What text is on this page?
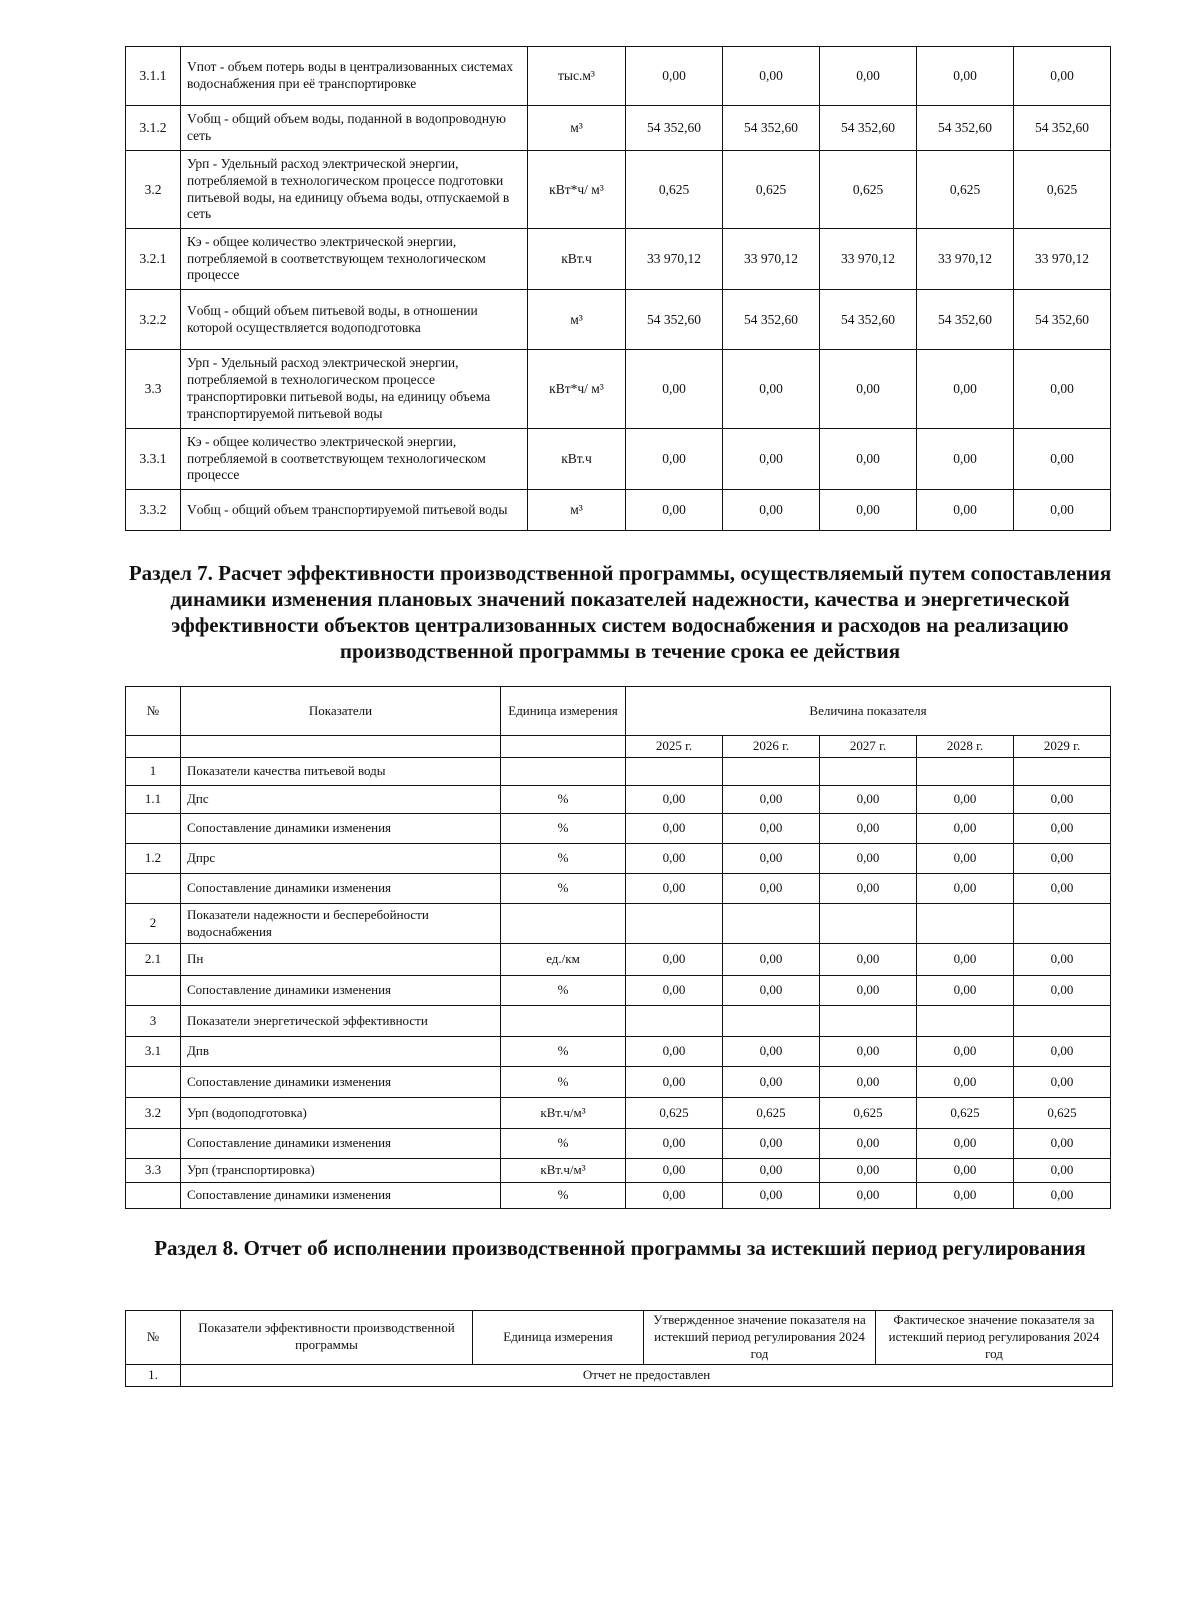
3.1.1	Vпот - объем потерь воды в централизованных системах водоснабжения при её транспортировке	тыс.м³	0,00	0,00	0,00	0,00	0,00
3.1.2	Vобщ - общий объем воды, поданной в водопроводную сеть	м³	54 352,60	54 352,60	54 352,60	54 352,60	54 352,60
3.2	Урп - Удельный расход электрической энергии, потребляемой в технологическом процессе подготовки питьевой воды, на единицу объема воды, отпускаемой в сеть	кВт*ч/ м³	0,625	0,625	0,625	0,625	0,625
3.2.1	Кэ - общее количество электрической энергии, потребляемой в соответствующем технологическом процессе	кВт.ч	33 970,12	33 970,12	33 970,12	33 970,12	33 970,12
3.2.2	Vобщ - общий объем питьевой воды, в отношении которой осуществляется водоподготовка	м³	54 352,60	54 352,60	54 352,60	54 352,60	54 352,60
3.3	Урп - Удельный расход электрической энергии, потребляемой в технологическом процессе транспортировки питьевой воды, на единицу объема транспортируемой питьевой воды	кВт*ч/ м³	0,00	0,00	0,00	0,00	0,00
3.3.1	Кэ - общее количество электрической энергии, потребляемой в соответствующем технологическом процессе	кВт.ч	0,00	0,00	0,00	0,00	0,00
3.3.2	Vобщ - общий объем транспортируемой питьевой воды	м³	0,00	0,00	0,00	0,00	0,00
Раздел 7. Расчет эффективности производственной программы, осуществляемый путем сопоставления динамики изменения плановых значений показателей надежности, качества и энергетической эффективности объектов централизованных систем водоснабжения и расходов на реализацию производственной программы в течение срока ее действия
№	Показатели	Единица измерения	Величина показателя				
			2025 г.	2026 г.	2027 г.	2028 г.	2029 г.
1	Показатели качества питьевой воды						
1.1	Дпс	%	0,00	0,00	0,00	0,00	0,00
	Сопоставление динамики изменения	%	0,00	0,00	0,00	0,00	0,00
1.2	Дпрс	%	0,00	0,00	0,00	0,00	0,00
	Сопоставление динамики изменения	%	0,00	0,00	0,00	0,00	0,00
2	Показатели надежности и бесперебойности водоснабжения						
2.1	Пн	ед./км	0,00	0,00	0,00	0,00	0,00
	Сопоставление динамики изменения	%	0,00	0,00	0,00	0,00	0,00
3	Показатели энергетической эффективности						
3.1	Дпв	%	0,00	0,00	0,00	0,00	0,00
	Сопоставление динамики изменения	%	0,00	0,00	0,00	0,00	0,00
3.2	Урп (водоподготовка)	кВт.ч/м³	0,625	0,625	0,625	0,625	0,625
	Сопоставление динамики изменения	%	0,00	0,00	0,00	0,00	0,00
3.3	Урп (транспортировка)	кВт.ч/м³	0,00	0,00	0,00	0,00	0,00
	Сопоставление динамики изменения	%	0,00	0,00	0,00	0,00	0,00
Раздел 8. Отчет об исполнении производственной программы за истекший период регулирования
№	Показатели эффективности производственной программы	Единица измерения	Утвержденное значение показателя на истекший период регулирования 2024 год	Фактическое значение показателя за истекший период регулирования 2024 год
1.	Отчет не предоставлен			
